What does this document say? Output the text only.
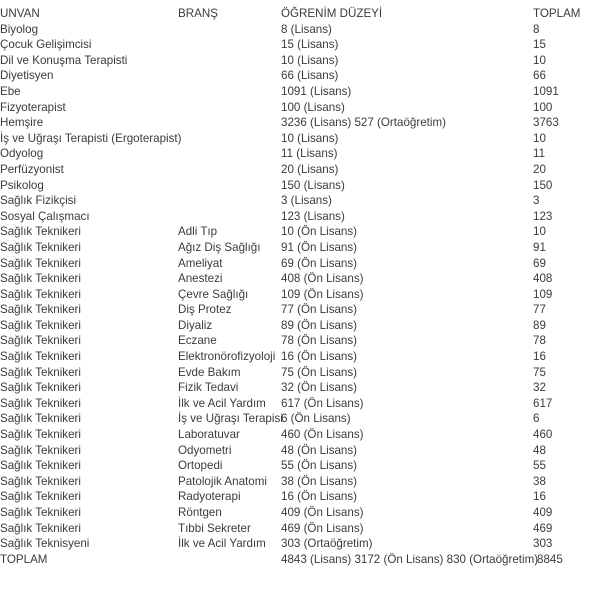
UNVAN	BRANŞ	ÖĞRENİM DÜZEYİ	TOPLAM
Biyolog		8 (Lisans)	8
Çocuk Gelişimcisi		15 (Lisans)	15
Dil ve Konuşma Terapisti		10 (Lisans)	10
Diyetisyen		66 (Lisans)	66
Ebe		1091 (Lisans)	1091
Fizyoterapist		100 (Lisans)	100
Hemşire		3236 (Lisans) 527 (Ortaöğretim)	3763
İş ve Uğraşı Terapisti (Ergoterapist)		10 (Lisans)	10
Odyolog		11 (Lisans)	11
Perfüzyonist		20 (Lisans)	20
Psikolog		150 (Lisans)	150
Sağlık Fizikçisi		3 (Lisans)	3
Sosyal Çalışmacı		123 (Lisans)	123
Sağlık Teknikeri	Adli Tıp	10 (Ön Lisans)	10
Sağlık Teknikeri	Ağız Diş Sağlığı	91 (Ön Lisans)	91
Sağlık Teknikeri	Ameliyat	69 (Ön Lisans)	69
Sağlık Teknikeri	Anestezi	408 (Ön Lisans)	408
Sağlık Teknikeri	Çevre Sağlığı	109 (Ön Lisans)	109
Sağlık Teknikeri	Diş Protez	77 (Ön Lisans)	77
Sağlık Teknikeri	Diyaliz	89 (Ön Lisans)	89
Sağlık Teknikeri	Eczane	78 (Ön Lisans)	78
Sağlık Teknikeri	Elektronörofizyoloji	16 (Ön Lisans)	16
Sağlık Teknikeri	Evde Bakım	75 (Ön Lisans)	75
Sağlık Teknikeri	Fizik Tedavi	32 (Ön Lisans)	32
Sağlık Teknikeri	İlk ve Acil Yardım	617 (Ön Lisans)	617
Sağlık Teknikeri	İş ve Uğraşı Terapisi	6 (Ön Lisans)	6
Sağlık Teknikeri	Laboratuvar	460 (Ön Lisans)	460
Sağlık Teknikeri	Odyometri	48 (Ön Lisans)	48
Sağlık Teknikeri	Ortopedi	55 (Ön Lisans)	55
Sağlık Teknikeri	Patolojik Anatomi	38 (Ön Lisans)	38
Sağlık Teknikeri	Radyoterapi	16 (Ön Lisans)	16
Sağlık Teknikeri	Röntgen	409 (Ön Lisans)	409
Sağlık Teknikeri	Tıbbi Sekreter	469 (Ön Lisans)	469
Sağlık Teknisyeni	İlk ve Acil Yardım	303 (Ortaöğretim)	303
TOPLAM		4843 (Lisans) 3172 (Ön Lisans) 830 (Ortaöğretim)	8845
